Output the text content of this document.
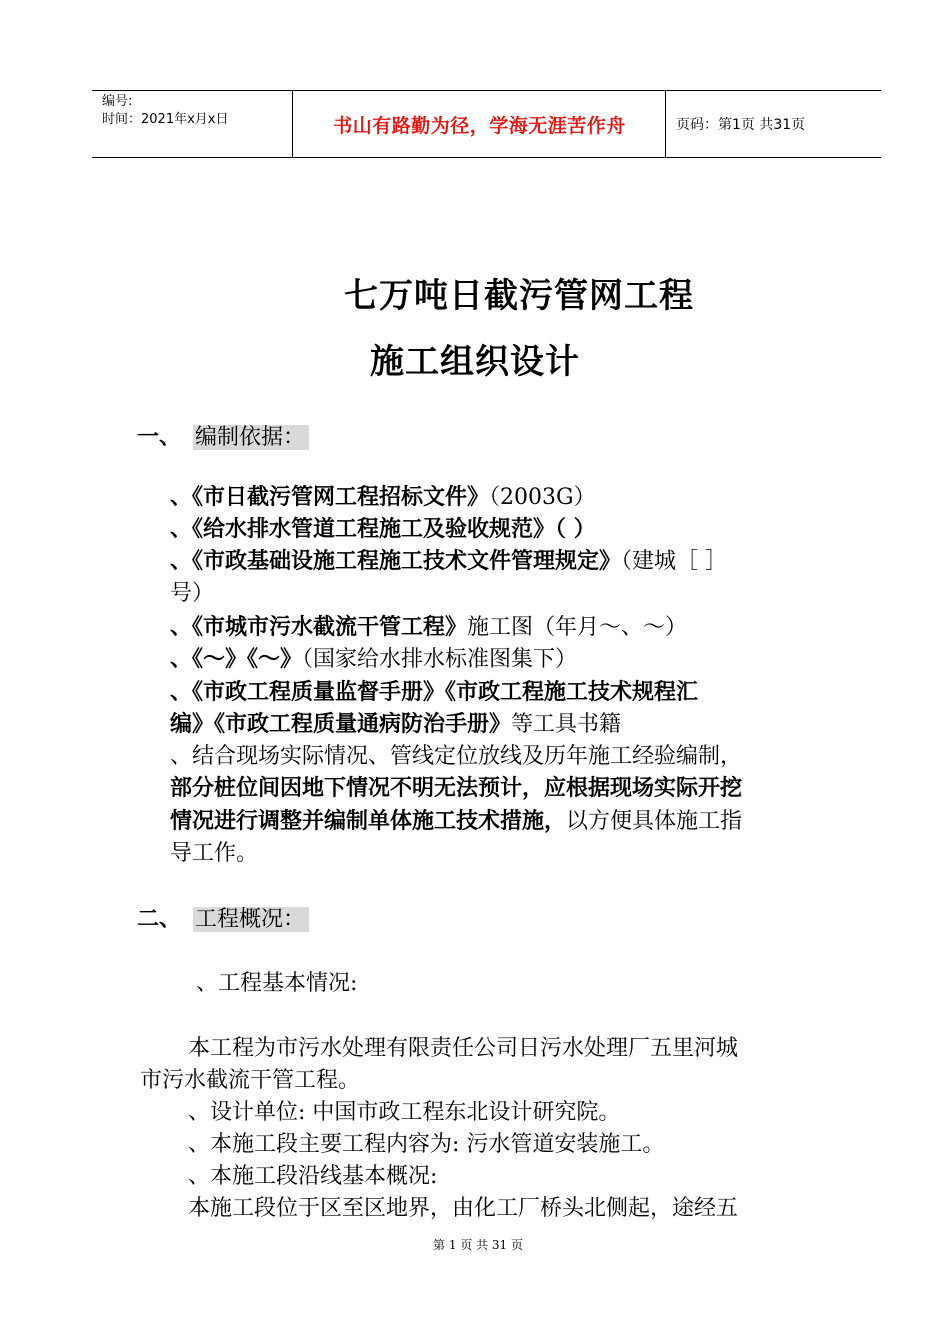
编号:
时间：2021年x月x日	书山有路勤为径，学海无涯苦作舟	页码：第1页 共31页
七万吨日截污管网工程
施工组织设计
一、 编制依据：
、《市日截污管网工程招标文件》（2003G）
、《给水排水管道工程施工及验收规范》（ ）
、《市政基础设施工程施工技术文件管理规定》（建城［ ］
号）
、《市城市污水截流干管工程》施工图（年月～、～）
、《～》《～》（国家给水排水标准图集下）
、《市政工程质量监督手册》《市政工程施工技术规程汇
编》《市政工程质量通病防治手册》等工具书籍
、结合现场实际情况、管线定位放线及历年施工经验编制，
部分桩位间因地下情况不明无法预计，应根据现场实际开挖
情况进行调整并编制单体施工技术措施，以方便具体施工指
导工作。
二、 工程概况：
、工程基本情况:
本工程为市污水处理有限责任公司日污水处理厂五里河城
市污水截流干管工程。
、设计单位: 中国市政工程东北设计研究院。
、本施工段主要工程内容为: 污水管道安装施工。
、本施工段沿线基本概况:
本施工段位于区至区地界，由化工厂桥头北侧起，途经五
第 1 页 共 31 页
